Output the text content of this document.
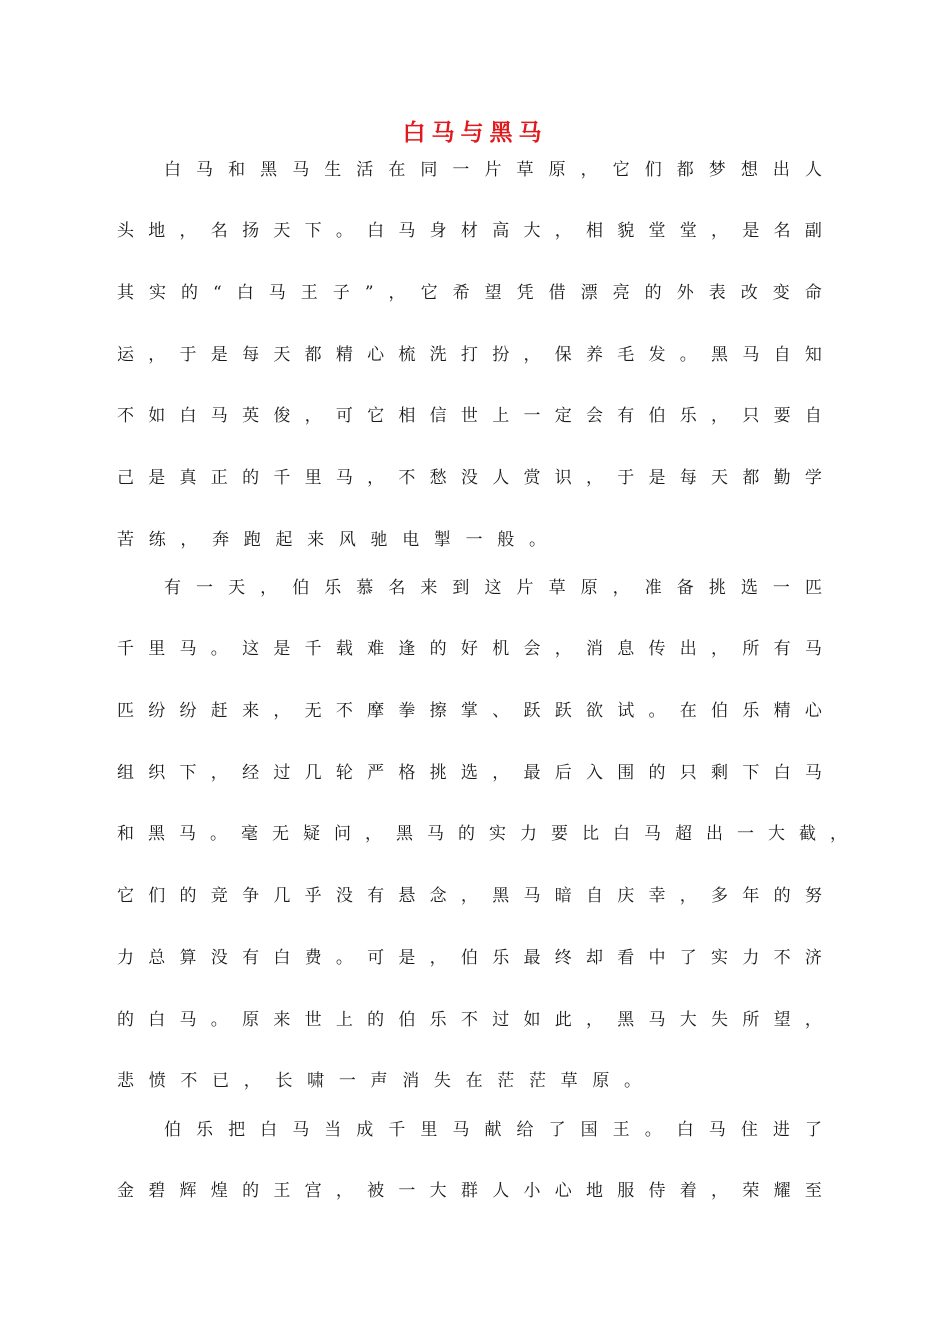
白马与黑马
白 马 和 黑 马 生 活 在 同 一 片 草 原 ， 它 们 都 梦 想 出 人
头 地 ， 名 扬 天 下 。 白 马 身 材 高 大 ， 相 貌 堂 堂 ， 是 名 副
其 实 的 “ 白 马 王 子 ” ， 它 希 望 凭 借 漂 亮 的 外 表 改 变 命
运 ， 于 是 每 天 都 精 心 梳 洗 打 扮 ， 保 养 毛 发 。 黑 马 自 知
不 如 白 马 英 俊 ， 可 它 相 信 世 上 一 定 会 有 伯 乐 ， 只 要 自
己 是 真 正 的 千 里 马 ， 不 愁 没 人 赏 识 ， 于 是 每 天 都 勤 学
苦 练 ， 奔 跑 起 来 风 驰 电 掣 一 般 。
有 一 天 ， 伯 乐 慕 名 来 到 这 片 草 原 ， 准 备 挑 选 一 匹
千 里 马 。 这 是 千 载 难 逢 的 好 机 会 ， 消 息 传 出 ， 所 有 马
匹 纷 纷 赶 来 ， 无 不 摩 拳 擦 掌 、 跃 跃 欲 试 。 在 伯 乐 精 心
组 织 下 ， 经 过 几 轮 严 格 挑 选 ， 最 后 入 围 的 只 剩 下 白 马
和 黑 马 。 毫 无 疑 问 ， 黑 马 的 实 力 要 比 白 马 超 出 一 大 截 ，
它 们 的 竞 争 几 乎 没 有 悬 念 ， 黑 马 暗 自 庆 幸 ， 多 年 的 努
力 总 算 没 有 白 费 。 可 是 ， 伯 乐 最 终 却 看 中 了 实 力 不 济
的 白 马 。 原 来 世 上 的 伯 乐 不 过 如 此 ， 黑 马 大 失 所 望 ，
悲 愤 不 已 ， 长 啸 一 声 消 失 在 茫 茫 草 原 。
伯 乐 把 白 马 当 成 千 里 马 献 给 了 国 王 。 白 马 住 进 了
金 碧 辉 煌 的 王 宫 ， 被 一 大 群 人 小 心 地 服 侍 着 ， 荣 耀 至
